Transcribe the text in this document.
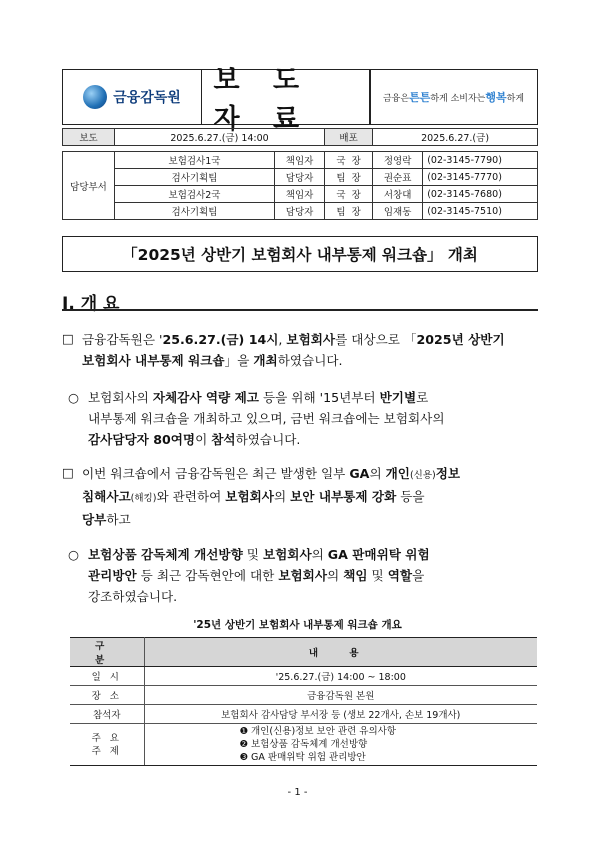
금융감독원
보 도 자 료
금융은 튼튼 하게 소비자는 행복 하게
보도	2025.6.27.(금) 14:00		배포	2025.6.27.(금)	

담당부서	보험검사1국	책임자	국  장	정영락	(02-3145-7790)
	검사기획팀	담당자	팀  장	권순표	(02-3145-7770)
	보험검사2국	책임자	국  장	서창대	(02-3145-7680)
	검사기획팀	담당자	팀  장	임재동	(02-3145-7510)
「2025년 상반기 보험회사 내부통제 워크숍」 개최
Ⅰ. 개 요
□ 금융감독원은 '25.6.27.(금) 14시, 보험회사를 대상으로 「2025년 상반기
보험회사 내부통제 워크숍」을 개최하였습니다.
○ 보험회사의 자체감사 역량 제고 등을 위해 '15년부터 반기별로
내부통제 워크숍을 개최하고 있으며, 금번 워크숍에는 보험회사의
감사담당자 80여명이 참석하였습니다.
□ 이번 워크숍에서 금융감독원은 최근 발생한 일부 GA의 개인(신용)정보
침해사고(해킹)와 관련하여 보험회사의 보안 내부통제 강화 등을
당부하고
○ 보험상품 감독체계 개선방향 및 보험회사의 GA 판매위탁 위험
관리방안 등 최근 감독현안에 대한 보험회사의 책임 및 역할을
강조하였습니다.
'25년 상반기 보험회사 내부통제 워크숍 개요
구 분	내 용
일 시	'25.6.27.(금) 14:00 ~ 18:00
장 소	금융감독원 본원
참석자	보험회사 감사담당 부서장 등 (생보 22개사, 손보 19개사)

주 요
주 제	❶ 개인(신용)정보 보안 관련 유의사항
❷ 보험상품 감독체계 개선방향
❸ GA 판매위탁 위험 관리방안
- 1 -
